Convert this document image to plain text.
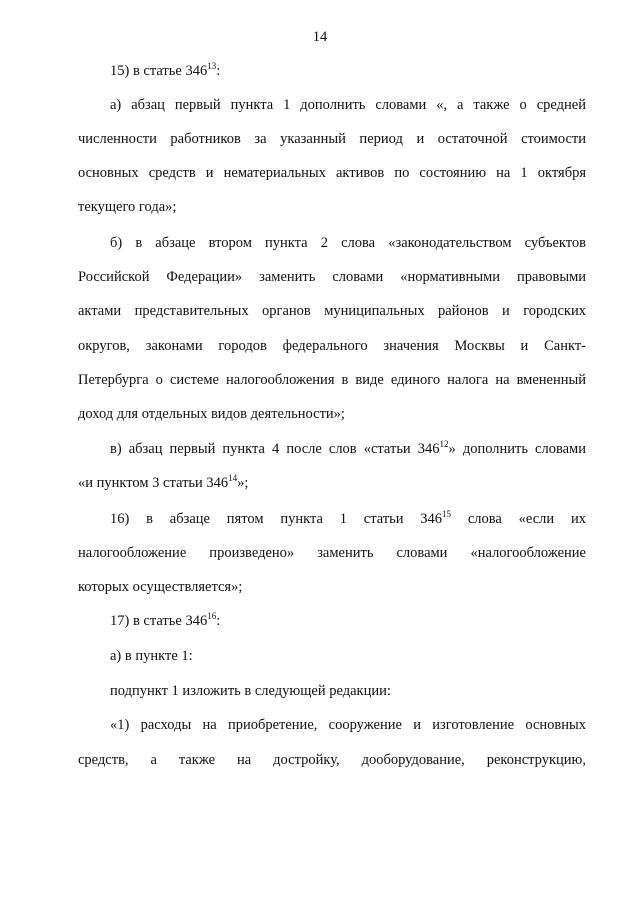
14
15) в статье $346^{13}$:
а) абзац первый пункта 1 дополнить словами «, а также о средней
численности работников за указанный период и остаточной стоимости
основных средств и нематериальных активов по состоянию на 1 октября
текущего года»;
б) в абзаце втором пункта 2 слова «законодательством субъектов
Российской Федерации» заменить словами «нормативными правовыми
актами представительных органов муниципальных районов и городских
округов, законами городов федерального значения Москвы и Санкт-
Петербурга о системе налогообложения в виде единого налога на вмененный
доход для отдельных видов деятельности»;
в) абзац первый пункта 4 после слов «статьи $346^{12}$» дополнить словами
«и пунктом 3 статьи $346^{14}$»;
16) в абзаце пятом пункта 1 статьи $346^{15}$ слова «если их
налогообложение произведено» заменить словами «налогообложение
которых осуществляется»;
17) в статье $346^{16}$:
а) в пункте 1:
подпункт 1 изложить в следующей редакции:
«1) расходы на приобретение, сооружение и изготовление основных
средств, а также на достройку, дооборудование, реконструкцию,
